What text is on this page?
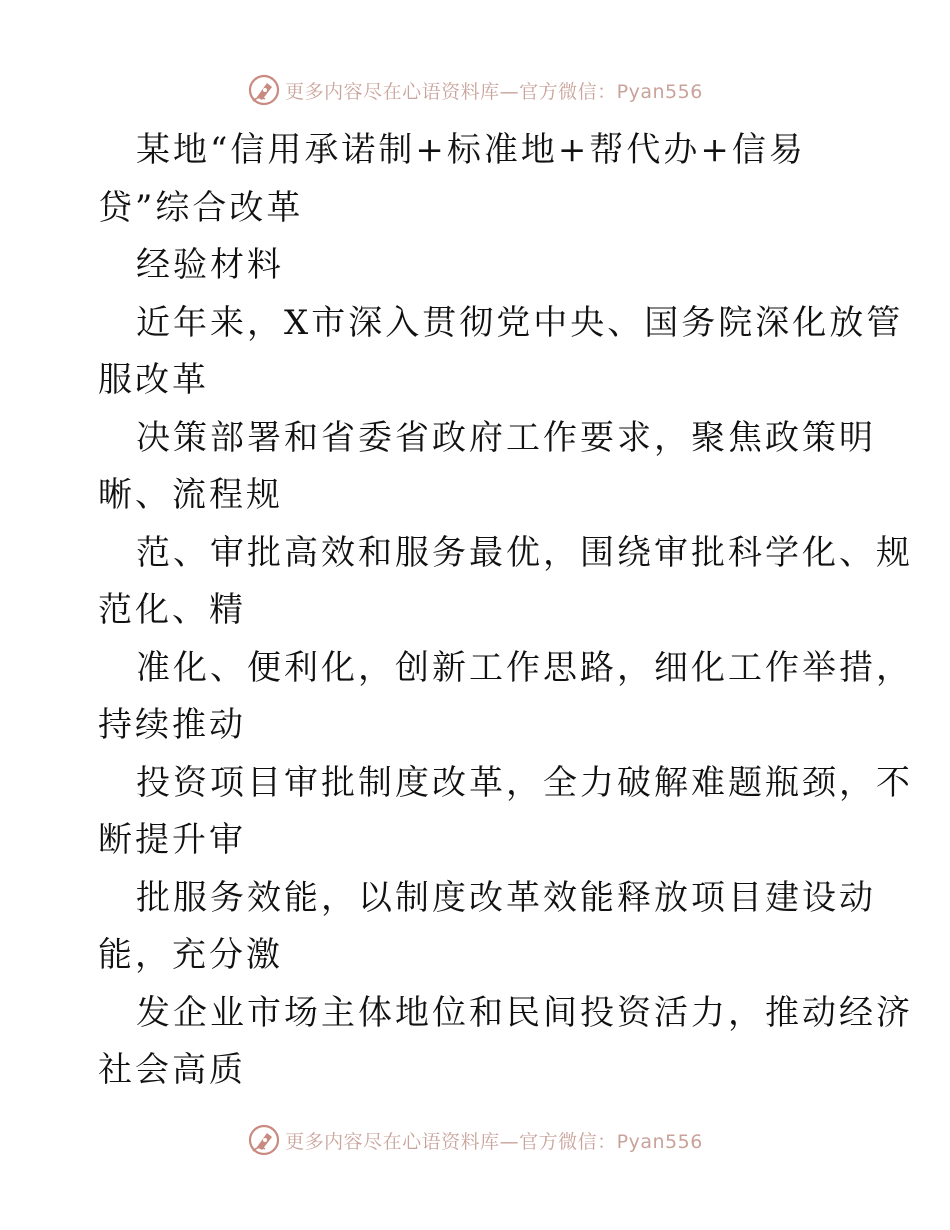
更多内容尽在心语资料库—官方微信：Pyan556
某地“信用承诺制+标准地+帮代办+信易
贷”综合改革
经验材料
近年来，X市深入贯彻党中央、国务院深化放管
服改革
决策部署和省委省政府工作要求，聚焦政策明
晰、流程规
范、审批高效和服务最优，围绕审批科学化、规
范化、精
准化、便利化，创新工作思路，细化工作举措，
持续推动
投资项目审批制度改革，全力破解难题瓶颈，不
断提升审
批服务效能，以制度改革效能释放项目建设动
能，充分激
发企业市场主体地位和民间投资活力，推动经济
社会高质
更多内容尽在心语资料库—官方微信：Pyan556
